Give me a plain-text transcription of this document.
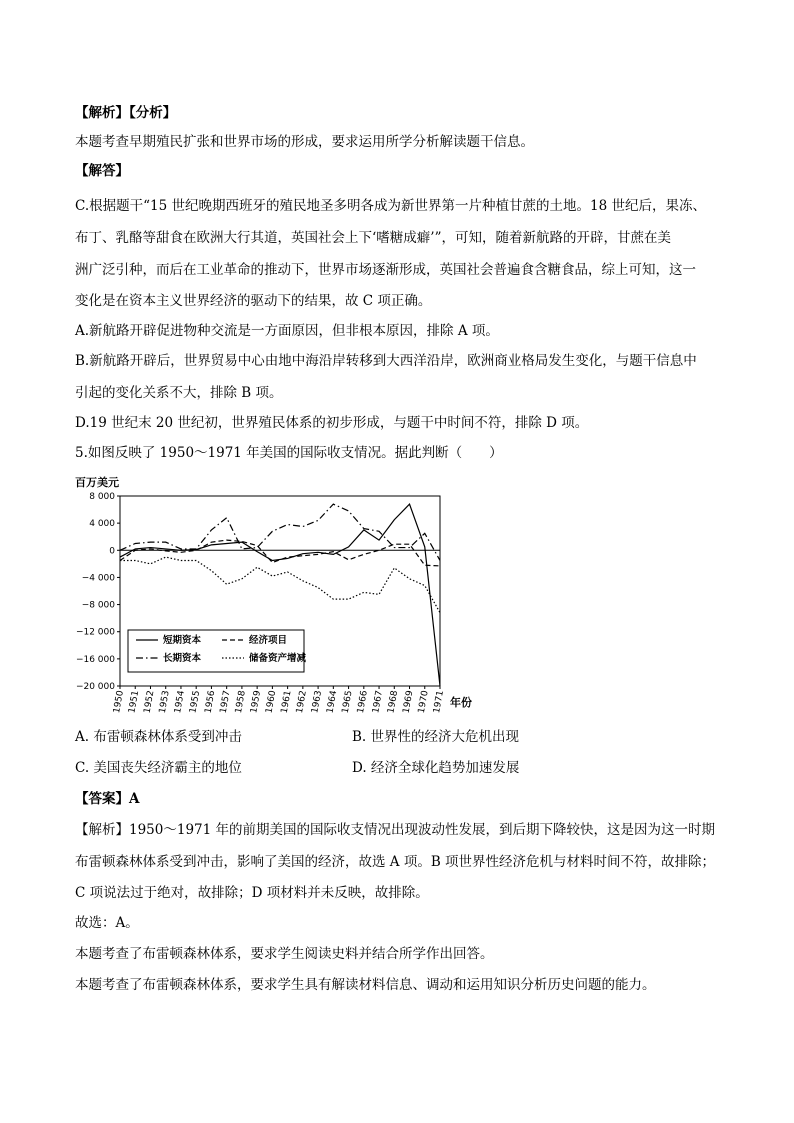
【解析】【分析】
本题考查早期殖民扩张和世界市场的形成，要求运用所学分析解读题干信息。
【解答】
C.根据题干“15 世纪晚期西班牙的殖民地圣多明各成为新世界第一片种植甘蔗的土地。18 世纪后，果冻、
布丁、乳酪等甜食在欧洲大行其道，英国社会上下‘嗜糖成癖’”，可知，随着新航路的开辟，甘蔗在美
洲广泛引种，而后在工业革命的推动下，世界市场逐渐形成，英国社会普遍食含糖食品，综上可知，这一
变化是在资本主义世界经济的驱动下的结果，故 C 项正确。
A.新航路开辟促进物种交流是一方面原因，但非根本原因，排除 A 项。
B.新航路开辟后，世界贸易中心由地中海沿岸转移到大西洋沿岸，欧洲商业格局发生变化，与题干信息中
引起的变化关系不大，排除 B 项。
D.19 世纪末 20 世纪初，世界殖民体系的初步形成，与题干中时间不符，排除 D 项。
5.如图反映了 1950～1971 年美国的国际收支情况。据此判断（　　）
百万美元
年份
8 000
4 000
0
−4 000
−8 000
−12 000
−16 000
−20 000
1950 1951 1952 1953 1954 1955 1956 1957 1958 1959 1960 1961 1962 1963 1964 1965 1966 1967 1968 1969 1970 1971
短期资本	经济项目
长期资本	储备资产增减
A. 布雷顿森林体系受到冲击	B. 世界性的经济大危机出现
C. 美国丧失经济霸主的地位	D. 经济全球化趋势加速发展
【答案】A
【解析】1950～1971 年的前期美国的国际收支情况出现波动性发展，到后期下降较快，这是因为这一时期
布雷顿森林体系受到冲击，影响了美国的经济，故选 A 项。B 项世界性经济危机与材料时间不符，故排除；
C 项说法过于绝对，故排除；D 项材料并未反映，故排除。
故选：A。
本题考查了布雷顿森林体系，要求学生阅读史料并结合所学作出回答。
本题考查了布雷顿森林体系，要求学生具有解读材料信息、调动和运用知识分析历史问题的能力。
